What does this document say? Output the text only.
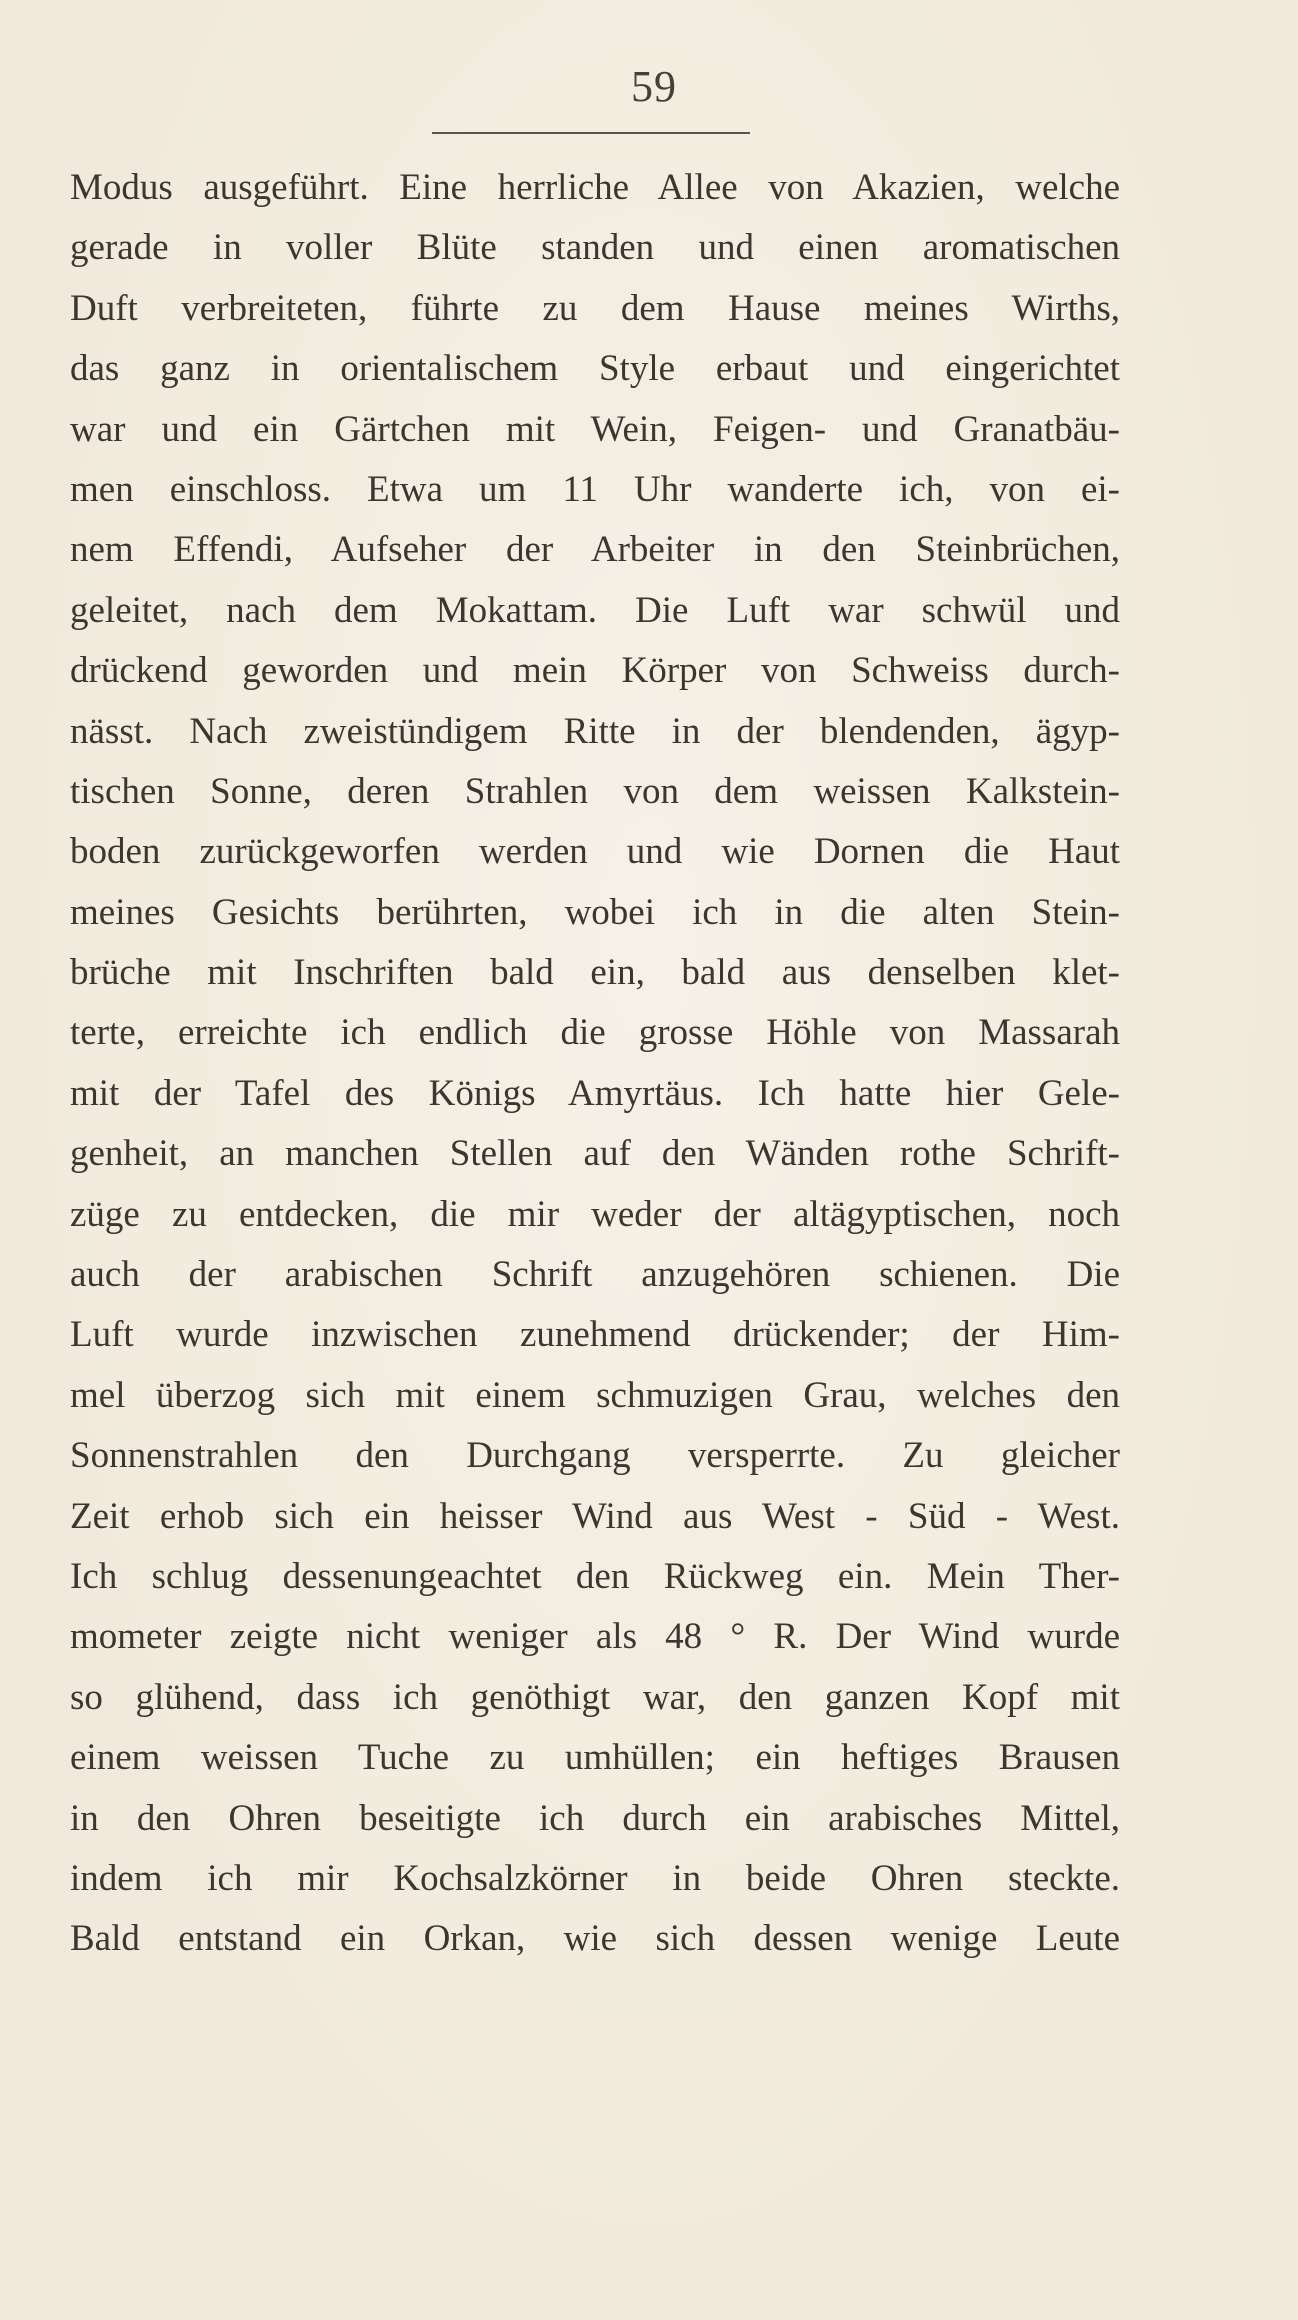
59
Modus ausgeführt. Eine herrliche Allee von Akazien, welche
gerade in voller Blüte standen und einen aromatischen
Duft verbreiteten, führte zu dem Hause meines Wirths,
das ganz in orientalischem Style erbaut und eingerichtet
war und ein Gärtchen mit Wein, Feigen- und Granatbäu-
men einschloss. Etwa um 11 Uhr wanderte ich, von ei-
nem Effendi, Aufseher der Arbeiter in den Steinbrüchen,
geleitet, nach dem Mokattam. Die Luft war schwül und
drückend geworden und mein Körper von Schweiss durch-
nässt. Nach zweistündigem Ritte in der blendenden, ägyp-
tischen Sonne, deren Strahlen von dem weissen Kalkstein-
boden zurückgeworfen werden und wie Dornen die Haut
meines Gesichts berührten, wobei ich in die alten Stein-
brüche mit Inschriften bald ein, bald aus denselben klet-
terte, erreichte ich endlich die grosse Höhle von Massarah
mit der Tafel des Königs Amyrtäus. Ich hatte hier Gele-
genheit, an manchen Stellen auf den Wänden rothe Schrift-
züge zu entdecken, die mir weder der altägyptischen, noch
auch der arabischen Schrift anzugehören schienen. Die
Luft wurde inzwischen zunehmend drückender; der Him-
mel überzog sich mit einem schmuzigen Grau, welches den
Sonnenstrahlen den Durchgang versperrte. Zu gleicher
Zeit erhob sich ein heisser Wind aus West - Süd - West.
Ich schlug dessenungeachtet den Rückweg ein. Mein Ther-
mometer zeigte nicht weniger als 48 ° R. Der Wind wurde
so glühend, dass ich genöthigt war, den ganzen Kopf mit
einem weissen Tuche zu umhüllen; ein heftiges Brausen
in den Ohren beseitigte ich durch ein arabisches Mittel,
indem ich mir Kochsalzkörner in beide Ohren steckte.
Bald entstand ein Orkan, wie sich dessen wenige Leute
